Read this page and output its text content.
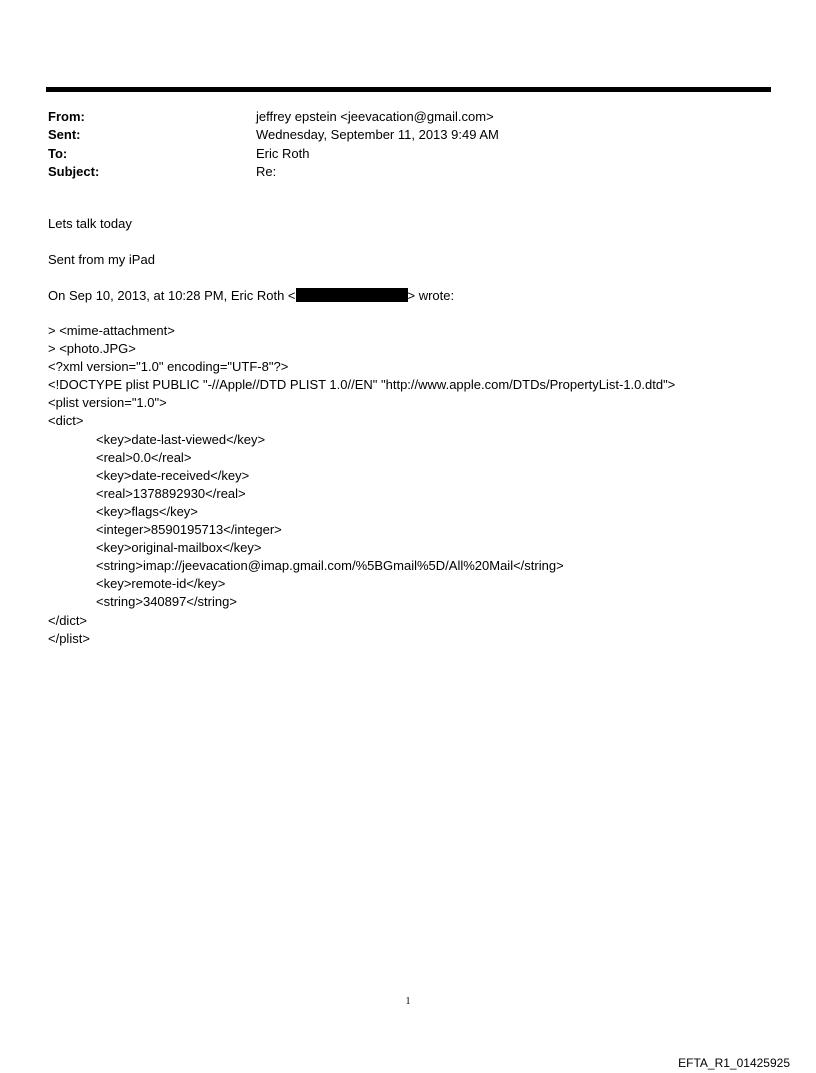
From:	jeffrey epstein <jeevacation@gmail.com>
Sent:	Wednesday, September 11, 2013 9:49 AM
To:	Eric Roth
Subject:	Re:
Lets talk today
Sent from my iPad
On Sep 10, 2013, at 10:28 PM, Eric Roth <	> wrote:
> <mime-attachment>
> <photo.JPG>
<?xml version="1.0" encoding="UTF-8"?>
<!DOCTYPE plist PUBLIC "-//Apple//DTD PLIST 1.0//EN" "http://www.apple.com/DTDs/PropertyList-1.0.dtd">
<plist version="1.0">
<dict>
<key>date-last-viewed</key>
<real>0.0</real>
<key>date-received</key>
<real>1378892930</real>
<key>flags</key>
<integer>8590195713</integer>
<key>original-mailbox</key>
<string>imap://jeevacation@imap.gmail.com/%5BGmail%5D/All%20Mail</string>
<key>remote-id</key>
<string>340897</string>
</dict>
</plist>
1
EFTA_R1_01425925
